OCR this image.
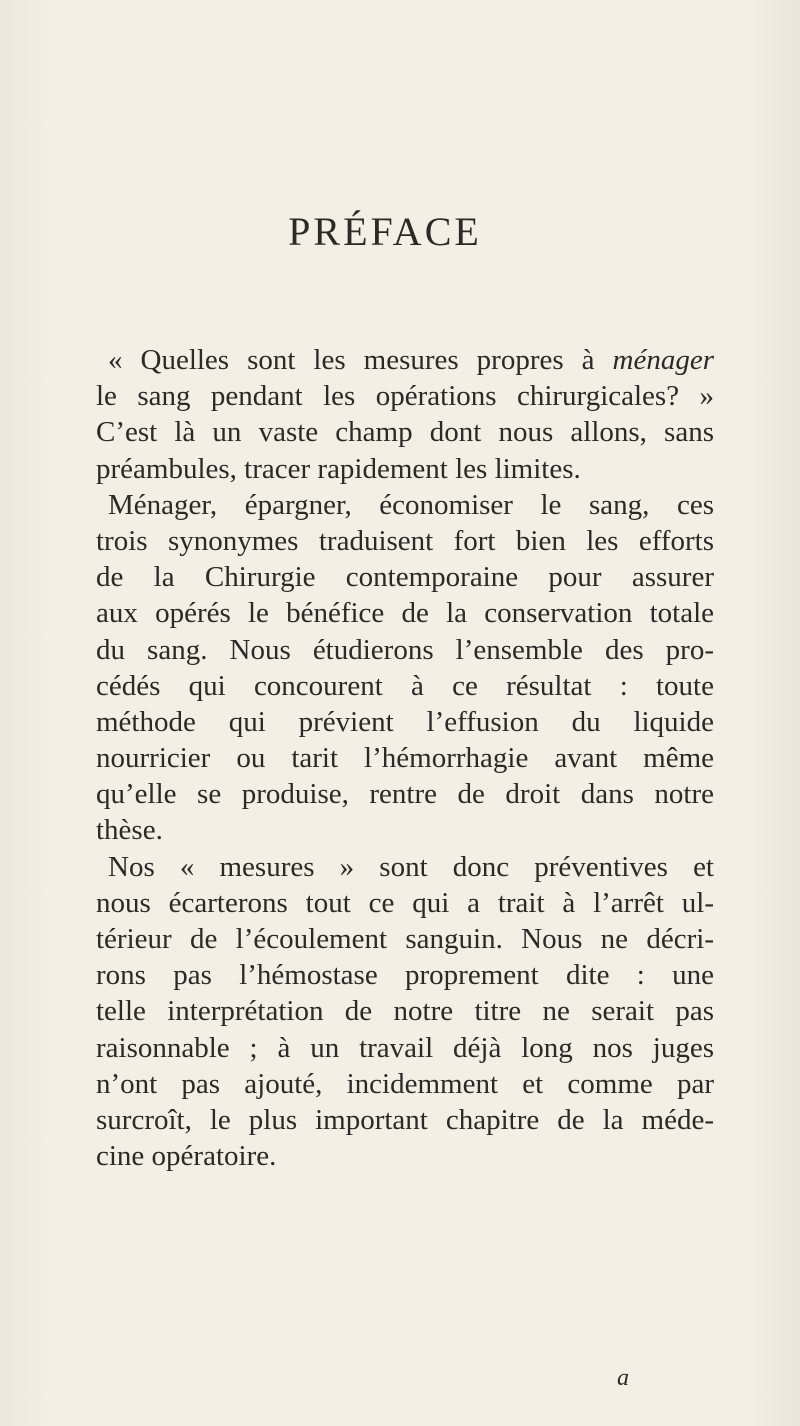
PRÉFACE
« Quelles sont les mesures propres à ménager
le sang pendant les opérations chirurgicales? »
C’est là un vaste champ dont nous allons, sans
préambules, tracer rapidement les limites.
Ménager, épargner, économiser le sang, ces
trois synonymes traduisent fort bien les efforts
de la Chirurgie contemporaine pour assurer
aux opérés le bénéfice de la conservation totale
du sang. Nous étudierons l’ensemble des pro-
cédés qui concourent à ce résultat : toute
méthode qui prévient l’effusion du liquide
nourricier ou tarit l’hémorrhagie avant même
qu’elle se produise, rentre de droit dans notre
thèse.
Nos « mesures » sont donc préventives et
nous écarterons tout ce qui a trait à l’arrêt ul-
térieur de l’écoulement sanguin. Nous ne décri-
rons pas l’hémostase proprement dite : une
telle interprétation de notre titre ne serait pas
raisonnable ; à un travail déjà long nos juges
n’ont pas ajouté, incidemment et comme par
surcroît, le plus important chapitre de la méde-
cine opératoire.
a
